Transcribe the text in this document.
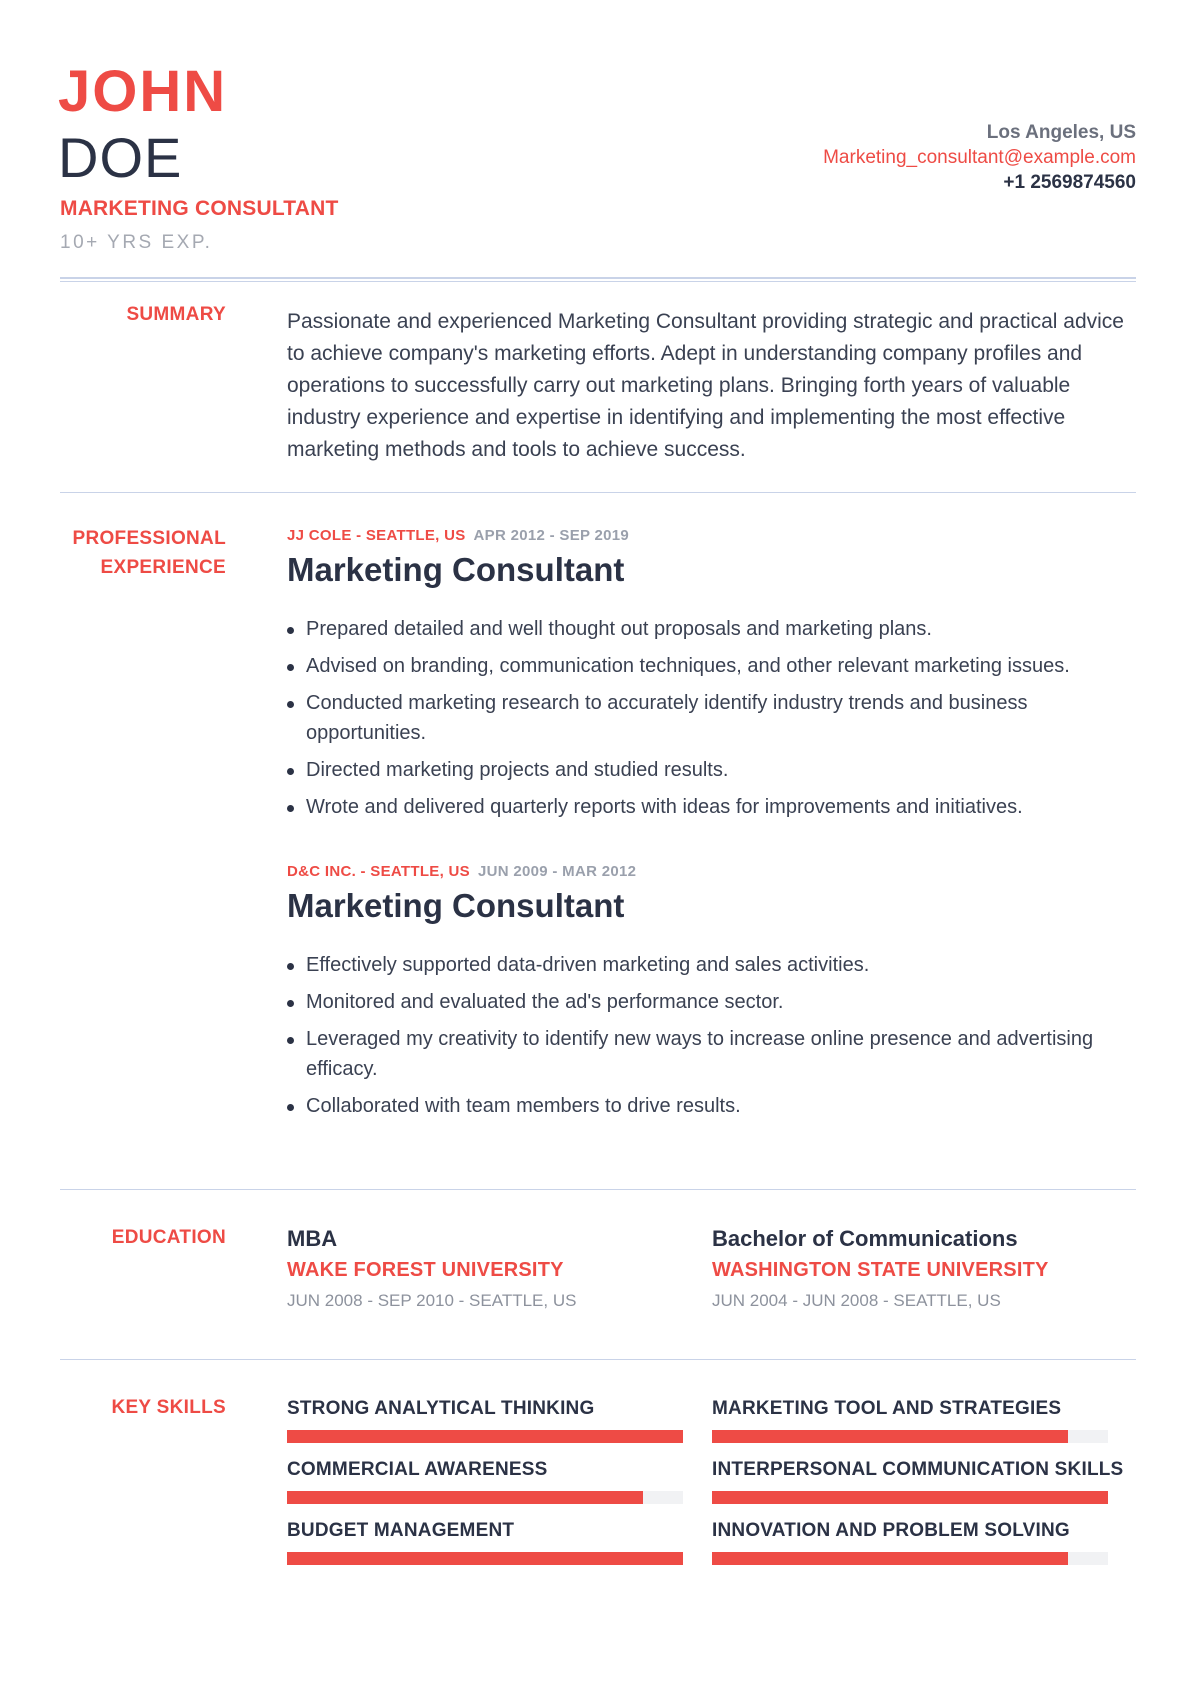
JOHN
DOE
MARKETING CONSULTANT
10+ YRS EXP.
Los Angeles, US
Marketing_consultant@example.com
+1 2569874560
SUMMARY	Passionate and experienced Marketing Consultant providing strategic and practical advice to achieve company's marketing efforts. Adept in understanding company profiles and operations to successfully carry out marketing plans. Bringing forth years of valuable industry experience and expertise in identifying and implementing the most effective marketing methods and tools to achieve success.
PROFESSIONAL
EXPERIENCE
JJ COLE - SEATTLE, US APR 2012 - SEP 2019
Marketing Consultant
Prepared detailed and well thought out proposals and marketing plans.
Advised on branding, communication techniques, and other relevant marketing issues.
Conducted marketing research to accurately identify industry trends and business opportunities.
Directed marketing projects and studied results.
Wrote and delivered quarterly reports with ideas for improvements and initiatives.
D&C INC. - SEATTLE, US JUN 2009 - MAR 2012
Marketing Consultant
Effectively supported data-driven marketing and sales activities.
Monitored and evaluated the ad's performance sector.
Leveraged my creativity to identify new ways to increase online presence and advertising efficacy.
Collaborated with team members to drive results.
EDUCATION	MBA
WAKE FOREST UNIVERSITY
JUN 2008 - SEP 2010 - SEATTLE, US
Bachelor of Communications
WASHINGTON STATE UNIVERSITY
JUN 2004 - JUN 2008 - SEATTLE, US
KEY SKILLS	STRONG ANALYTICAL THINKING	MARKETING TOOL AND STRATEGIES
COMMERCIAL AWARENESS	INTERPERSONAL COMMUNICATION SKILLS
BUDGET MANAGEMENT	INNOVATION AND PROBLEM SOLVING
